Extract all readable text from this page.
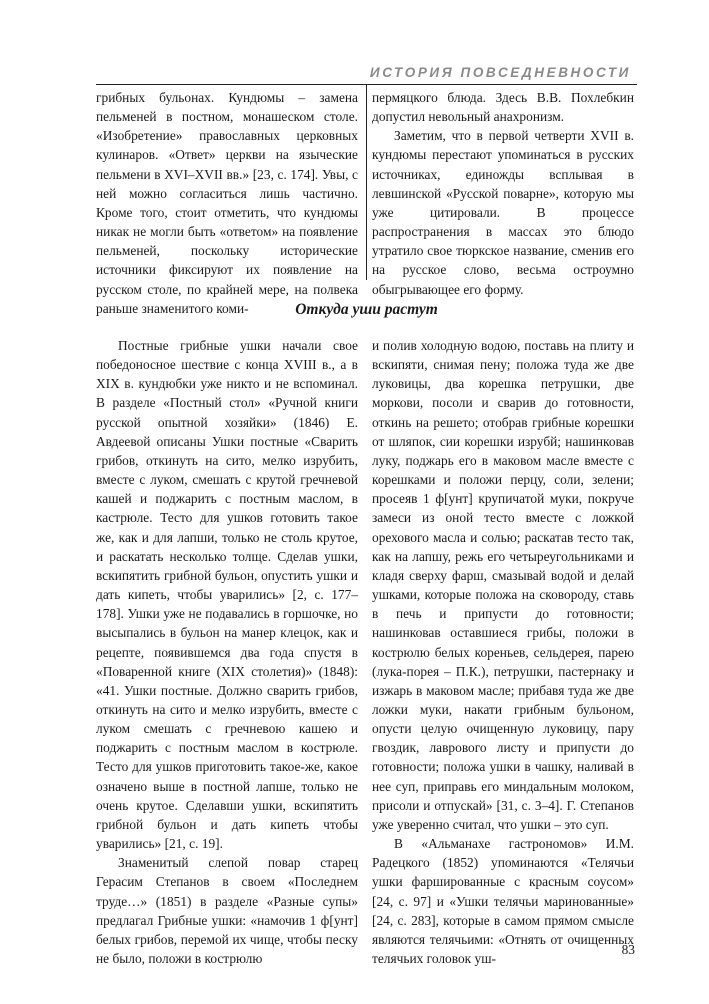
ИСТОРИЯ ПОВСЕДНЕВНОСТИ

грибных бульонах. Кундюмы – замена пельменей в постном, монашеском столе. «Изобретение» православных церковных кулинаров. «Ответ» церкви на языческие пельмени в XVI–XVII вв.» [23, с. 174]. Увы, с ней можно согласиться лишь частично. Кроме того, стоит отметить, что кундюмы никак не могли быть «ответом» на появление пельменей, поскольку исторические источники фиксируют их появление на русском столе, по крайней мере, на полвека раньше знаменитого коми-

пермяцкого блюда. Здесь В.В. Похлебкин допустил невольный анахронизм.

Заметим, что в первой четверти XVII в. кундюмы перестают упоминаться в русских источниках, единожды всплывая в левшинской «Русской поварне», которую мы уже цитировали. В процессе распространения в массах это блюдо утратило свое тюркское название, сменив его на русское слово, весьма остроумно обыгрывающее его форму.

Откуда уши растут

Постные грибные ушки начали свое победоносное шествие с конца XVIII в., а в XIX в. кундюбки уже никто и не вспоминал. В разделе «Постный стол» «Ручной книги русской опытной хозяйки» (1846) Е. Авдеевой описаны Ушки постные «Сварить грибов, откинуть на сито, мелко изрубить, вместе с луком, смешать с крутой гречневой кашей и поджарить с постным маслом, в кастрюле. Тесто для ушков готовить такое же, как и для лапши, только не столь крутое, и раскатать несколько толще. Сделав ушки, вскипятить грибной бульон, опустить ушки и дать кипеть, чтобы уварились» [2, с. 177–178]. Ушки уже не подавались в горшочке, но высыпались в бульон на манер клецок, как и рецепте, появившемся два года спустя в «Поваренной книге (XIX столетия)» (1848): «41. Ушки постные. Должно сварить грибов, откинуть на сито и мелко изрубить, вместе с луком смешать с гречневою кашею и поджарить с постным маслом в кострюле. Тесто для ушков приготовить такое-же, какое означено выше в постной лапше, только не очень крутое. Сделавши ушки, вскипятить грибной бульон и дать кипеть чтобы уварились» [21, с. 19].

Знаменитый слепой повар старец Герасим Степанов в своем «Последнем труде…» (1851) в разделе «Разные супы» предлагал Грибные ушки: «намочив 1 ф[унт] белых грибов, перемой их чище, чтобы песку не было, положи в кострюлю

и полив холодную водою, поставь на плиту и вскипяти, снимая пену; положа туда же две луковицы, два корешка петрушки, две моркови, посоли и сварив до готовности, откинь на решето; отобрав грибные корешки от шляпок, сии корешки изрубй; нашинковав луку, поджарь его в маковом масле вместе с корешками и положи перцу, соли, зелени; просеяв 1 ф[унт] крупичатой муки, покруче замеси из оной тесто вместе с ложкой орехового масла и солью; раскатав тесто так, как на лапшу, режь его четыреугольниками и кладя сверху фарш, смазывай водой и делай ушками, которые положа на сковороду, ставь в печь и припусти до готовности; нашинковав оставшиеся грибы, положи в кострюлю белых кореньев, сельдерея, парею (лука-порея – П.К.), петрушки, пастернаку и изжарь в маковом масле; прибавя туда же две ложки муки, накати грибным бульоном, опусти целую очищенную луковицу, пару гвоздик, лаврового листу и припусти до готовности; положа ушки в чашку, наливай в нее суп, приправь его миндальным молоком, присоли и отпускай» [31, с. 3–4]. Г. Степанов уже уверенно считал, что ушки – это суп.

В «Альманахе гастрономов» И.М. Радецкого (1852) упоминаются «Телячьи ушки фаршированные с красным соусом» [24, с. 97] и «Ушки телячьи маринованные» [24, с. 283], которые в самом прямом смысле являются телячьими: «Отнять от очищенных телячьих головок уш-

83
